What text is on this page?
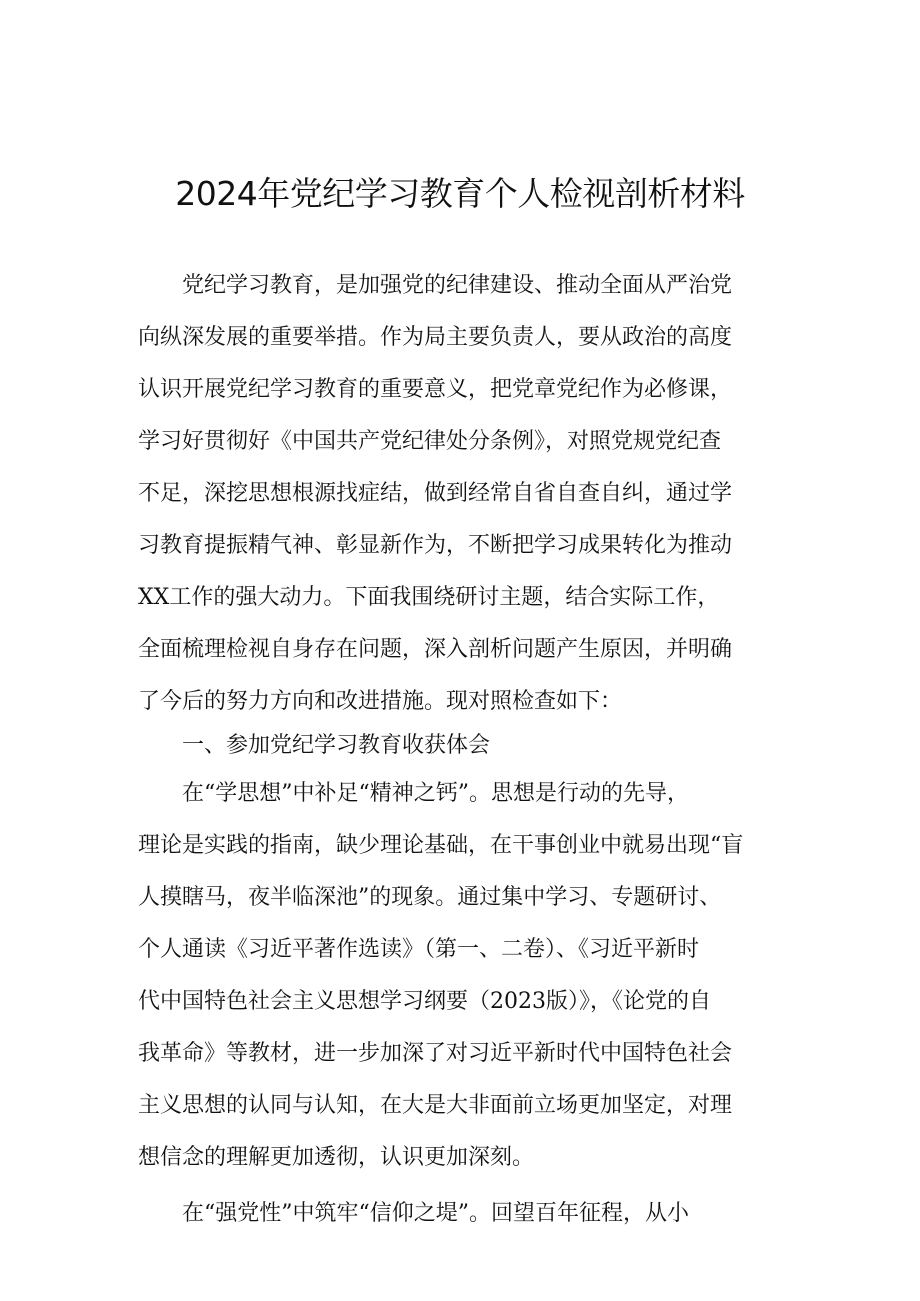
2024年党纪学习教育个人检视剖析材料
　　党纪学习教育，是加强党的纪律建设、推动全面从严治党
向纵深发展的重要举措。作为局主要负责人，要从政治的高度
认识开展党纪学习教育的重要意义，把党章党纪作为必修课，
学习好贯彻好《中国共产党纪律处分条例》，对照党规党纪查
不足，深挖思想根源找症结，做到经常自省自查自纠，通过学
习教育提振精气神、彰显新作为，不断把学习成果转化为推动
XX工作的强大动力。下面我围绕研讨主题，结合实际工作，
全面梳理检视自身存在问题，深入剖析问题产生原因，并明确
了今后的努力方向和改进措施。现对照检查如下：
　　一、参加党纪学习教育收获体会
　　在“学思想”中补足“精神之钙”。思想是行动的先导，
理论是实践的指南，缺少理论基础，在干事创业中就易出现“盲
人摸瞎马，夜半临深池”的现象。通过集中学习、专题研讨、
个人通读《习近平著作选读》（第一、二卷）、《习近平新时
代中国特色社会主义思想学习纲要（2023版）》，《论党的自
我革命》等教材，进一步加深了对习近平新时代中国特色社会
主义思想的认同与认知，在大是大非面前立场更加坚定，对理
想信念的理解更加透彻，认识更加深刻。
　　在“强党性”中筑牢“信仰之堤”。回望百年征程，从小
